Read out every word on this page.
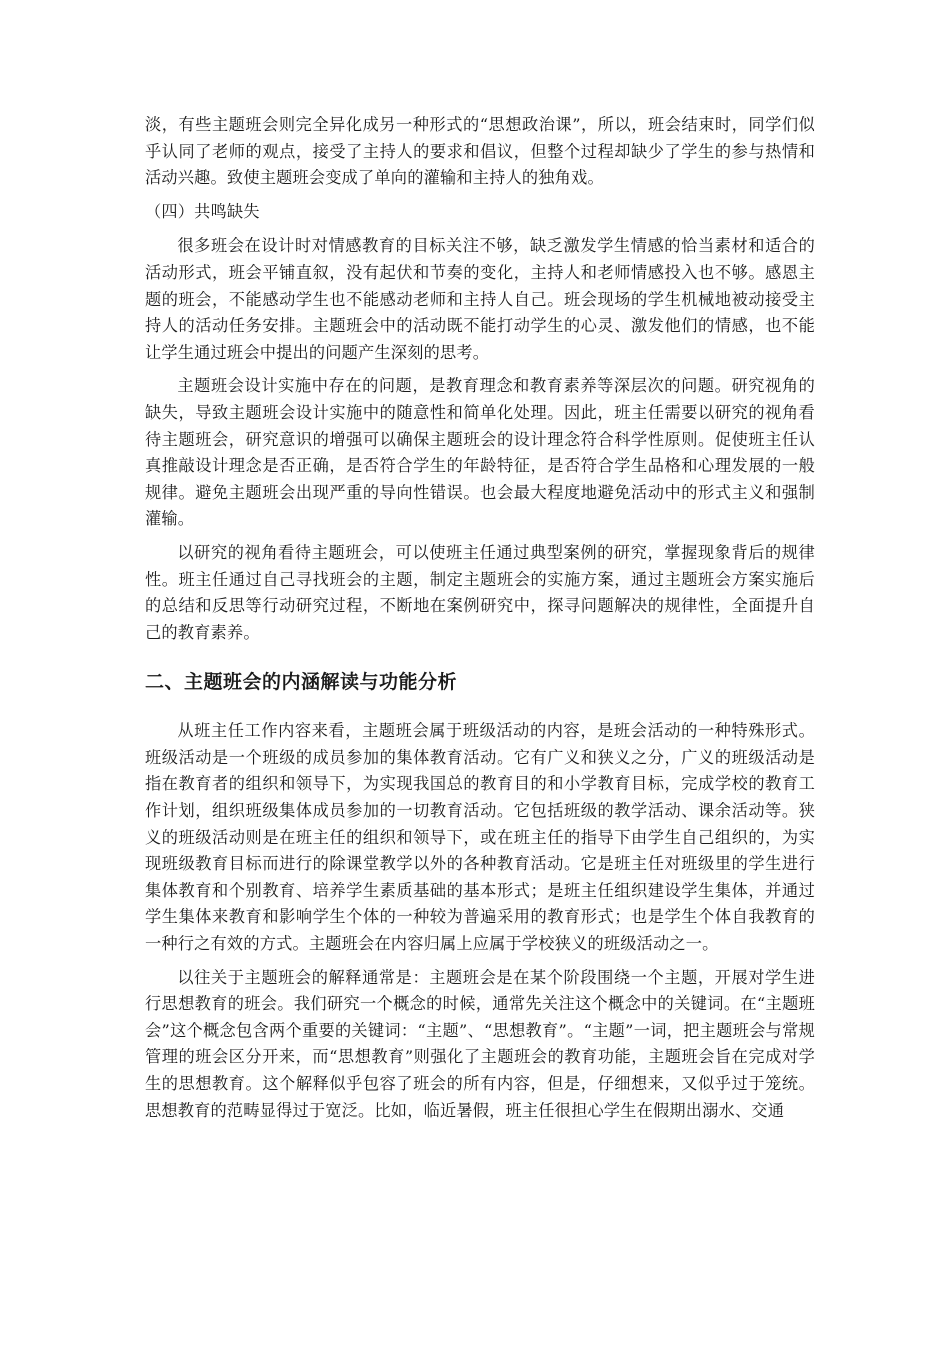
淡，有些主题班会则完全异化成另一种形式的“思想政治课”，所以，班会结束时，同学们似乎认同了老师的观点，接受了主持人的要求和倡议，但整个过程却缺少了学生的参与热情和活动兴趣。致使主题班会变成了单向的灌输和主持人的独角戏。

（四）共鸣缺失

很多班会在设计时对情感教育的目标关注不够，缺乏激发学生情感的恰当素材和适合的活动形式，班会平铺直叙，没有起伏和节奏的变化，主持人和老师情感投入也不够。感恩主题的班会，不能感动学生也不能感动老师和主持人自己。班会现场的学生机械地被动接受主持人的活动任务安排。主题班会中的活动既不能打动学生的心灵、激发他们的情感，也不能让学生通过班会中提出的问题产生深刻的思考。

主题班会设计实施中存在的问题，是教育理念和教育素养等深层次的问题。研究视角的缺失，导致主题班会设计实施中的随意性和简单化处理。因此，班主任需要以研究的视角看待主题班会，研究意识的增强可以确保主题班会的设计理念符合科学性原则。促使班主任认真推敲设计理念是否正确，是否符合学生的年龄特征，是否符合学生品格和心理发展的一般规律。避免主题班会出现严重的导向性错误。也会最大程度地避免活动中的形式主义和强制灌输。

以研究的视角看待主题班会，可以使班主任通过典型案例的研究，掌握现象背后的规律性。班主任通过自己寻找班会的主题，制定主题班会的实施方案，通过主题班会方案实施后的总结和反思等行动研究过程，不断地在案例研究中，探寻问题解决的规律性，全面提升自己的教育素养。

二、主题班会的内涵解读与功能分析

从班主任工作内容来看，主题班会属于班级活动的内容，是班会活动的一种特殊形式。班级活动是一个班级的成员参加的集体教育活动。它有广义和狭义之分，广义的班级活动是指在教育者的组织和领导下，为实现我国总的教育目的和小学教育目标，完成学校的教育工作计划，组织班级集体成员参加的一切教育活动。它包括班级的教学活动、课余活动等。狭义的班级活动则是在班主任的组织和领导下，或在班主任的指导下由学生自己组织的，为实现班级教育目标而进行的除课堂教学以外的各种教育活动。它是班主任对班级里的学生进行集体教育和个别教育、培养学生素质基础的基本形式；是班主任组织建设学生集体，并通过学生集体来教育和影响学生个体的一种较为普遍采用的教育形式；也是学生个体自我教育的一种行之有效的方式。主题班会在内容归属上应属于学校狭义的班级活动之一。

以往关于主题班会的解释通常是：主题班会是在某个阶段围绕一个主题，开展对学生进行思想教育的班会。我们研究一个概念的时候，通常先关注这个概念中的关键词。在“主题班会”这个概念包含两个重要的关键词：“主题”、“思想教育”。“主题”一词，把主题班会与常规管理的班会区分开来，而“思想教育”则强化了主题班会的教育功能，主题班会旨在完成对学生的思想教育。这个解释似乎包容了班会的所有内容，但是，仔细想来，又似乎过于笼统。思想教育的范畴显得过于宽泛。比如，临近暑假，班主任很担心学生在假期出溺水、交通
